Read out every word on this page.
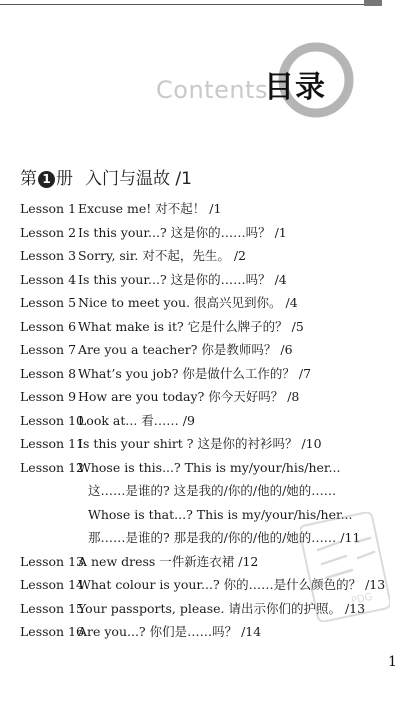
Contents
目录
第 1 册 入门与温故 /1
Lesson 1 Excuse me! 对不起！ /1
Lesson 2 Is this your...? 这是你的……吗？ /1
Lesson 3 Sorry, sir. 对不起，先生。 /2
Lesson 4 Is this your...? 这是你的……吗？ /4
Lesson 5 Nice to meet you. 很高兴见到你。 /4
Lesson 6 What make is it? 它是什么牌子的？ /5
Lesson 7 Are you a teacher? 你是教师吗？ /6
Lesson 8 What’s you job? 你是做什么工作的？ /7
Lesson 9 How are you today? 你今天好吗？ /8
Lesson 10
Look at... 看…… /9
Lesson 11
Is this your shirt ? 这是你的衬衫吗？ /10
Lesson 12
Whose is this...? This is my/your/his/her...
这……是谁的? 这是我的/你的/他的/她的……
Whose is that...? This is my/your/his/her...
那……是谁的? 那是我的/你的/他的/她的…… /11
Lesson 13
A new dress 一件新连衣裙 /12
Lesson 14
What colour is your...? 你的……是什么颜色的？ /13
Lesson 15
Your passports, please. 请出示你们的护照。 /13
Lesson 16
Are you...? 你们是……吗？ /14
PDG
1
